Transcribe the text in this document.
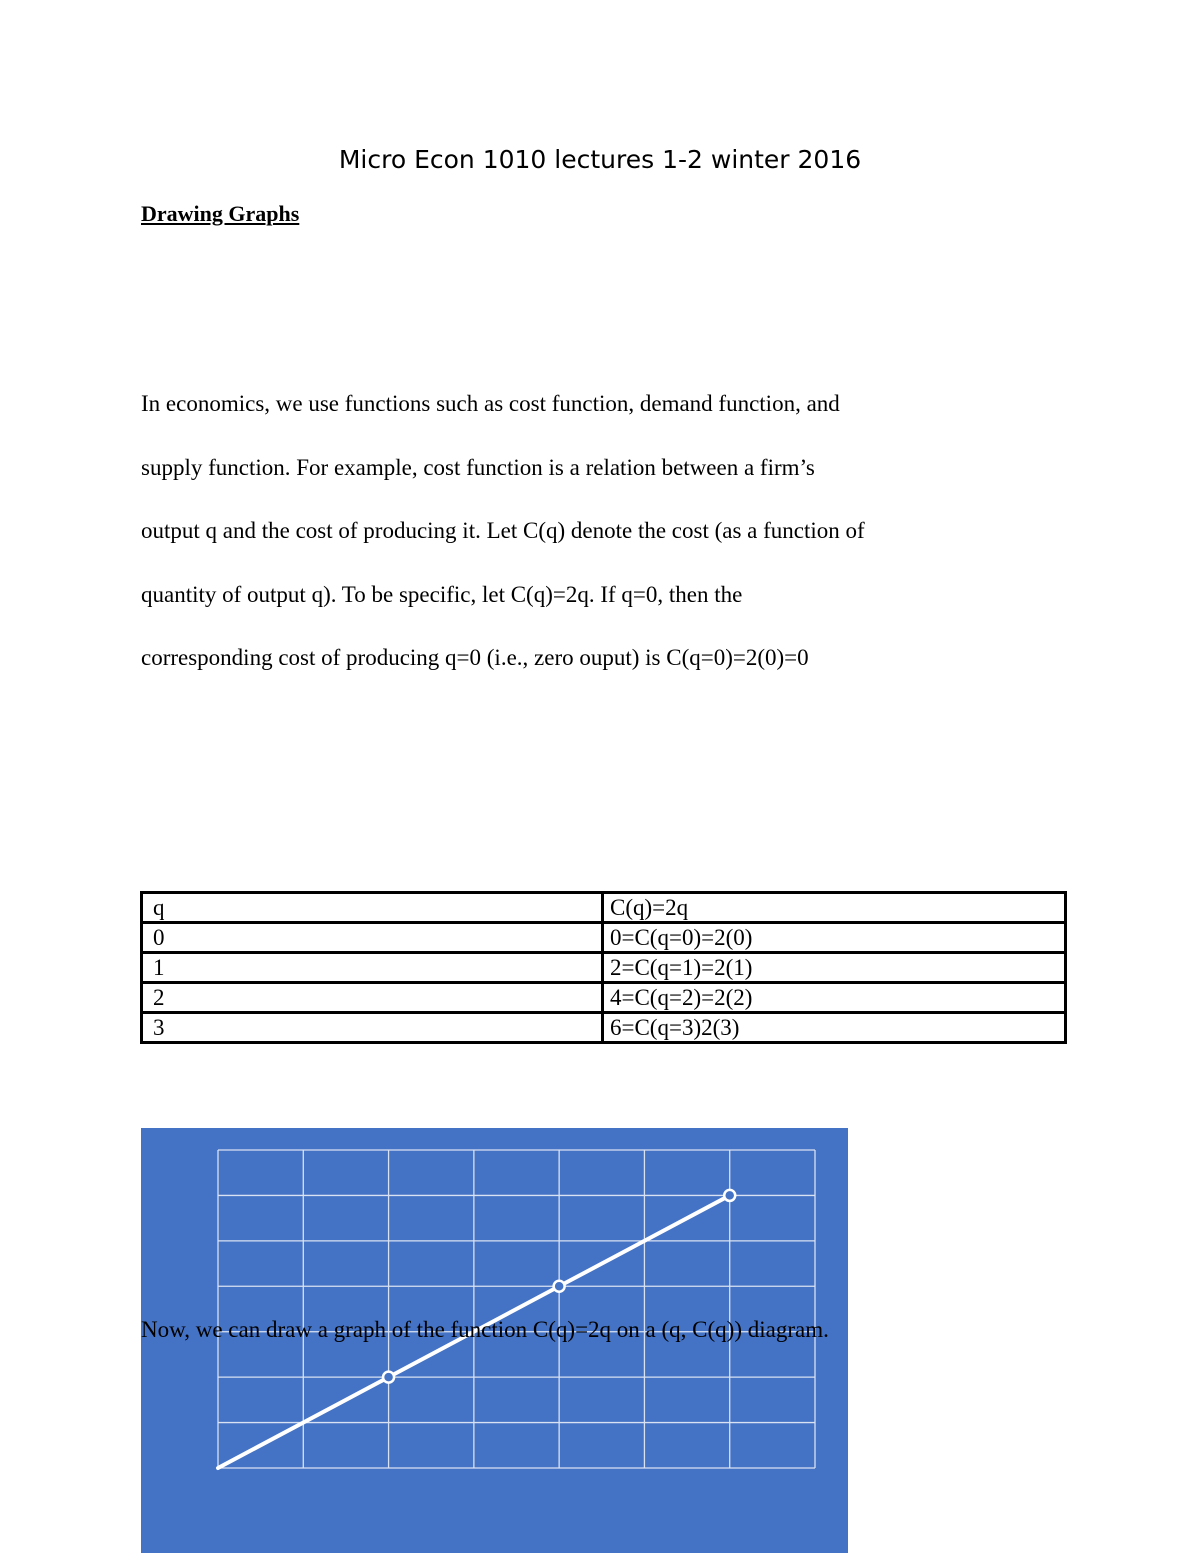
Micro Econ 1010 lectures 1-2 winter 2016
Drawing Graphs
In economics, we use functions such as cost function, demand function, and
supply function. For example, cost function is a relation between a firm’s
output q and the cost of producing it. Let C(q) denote the cost (as a function of
quantity of output q). To be specific, let C(q)=2q. If q=0, then the
corresponding cost of producing q=0 (i.e., zero ouput) is C(q=0)=2(0)=0
q	C(q)=2q
0	0=C(q=0)=2(0)
1	2=C(q=1)=2(1)
2	4=C(q=2)=2(2)
3	6=C(q=3)2(3)
Now, we can draw a graph of the function C(q)=2q on a (q, C(q)) diagram.
